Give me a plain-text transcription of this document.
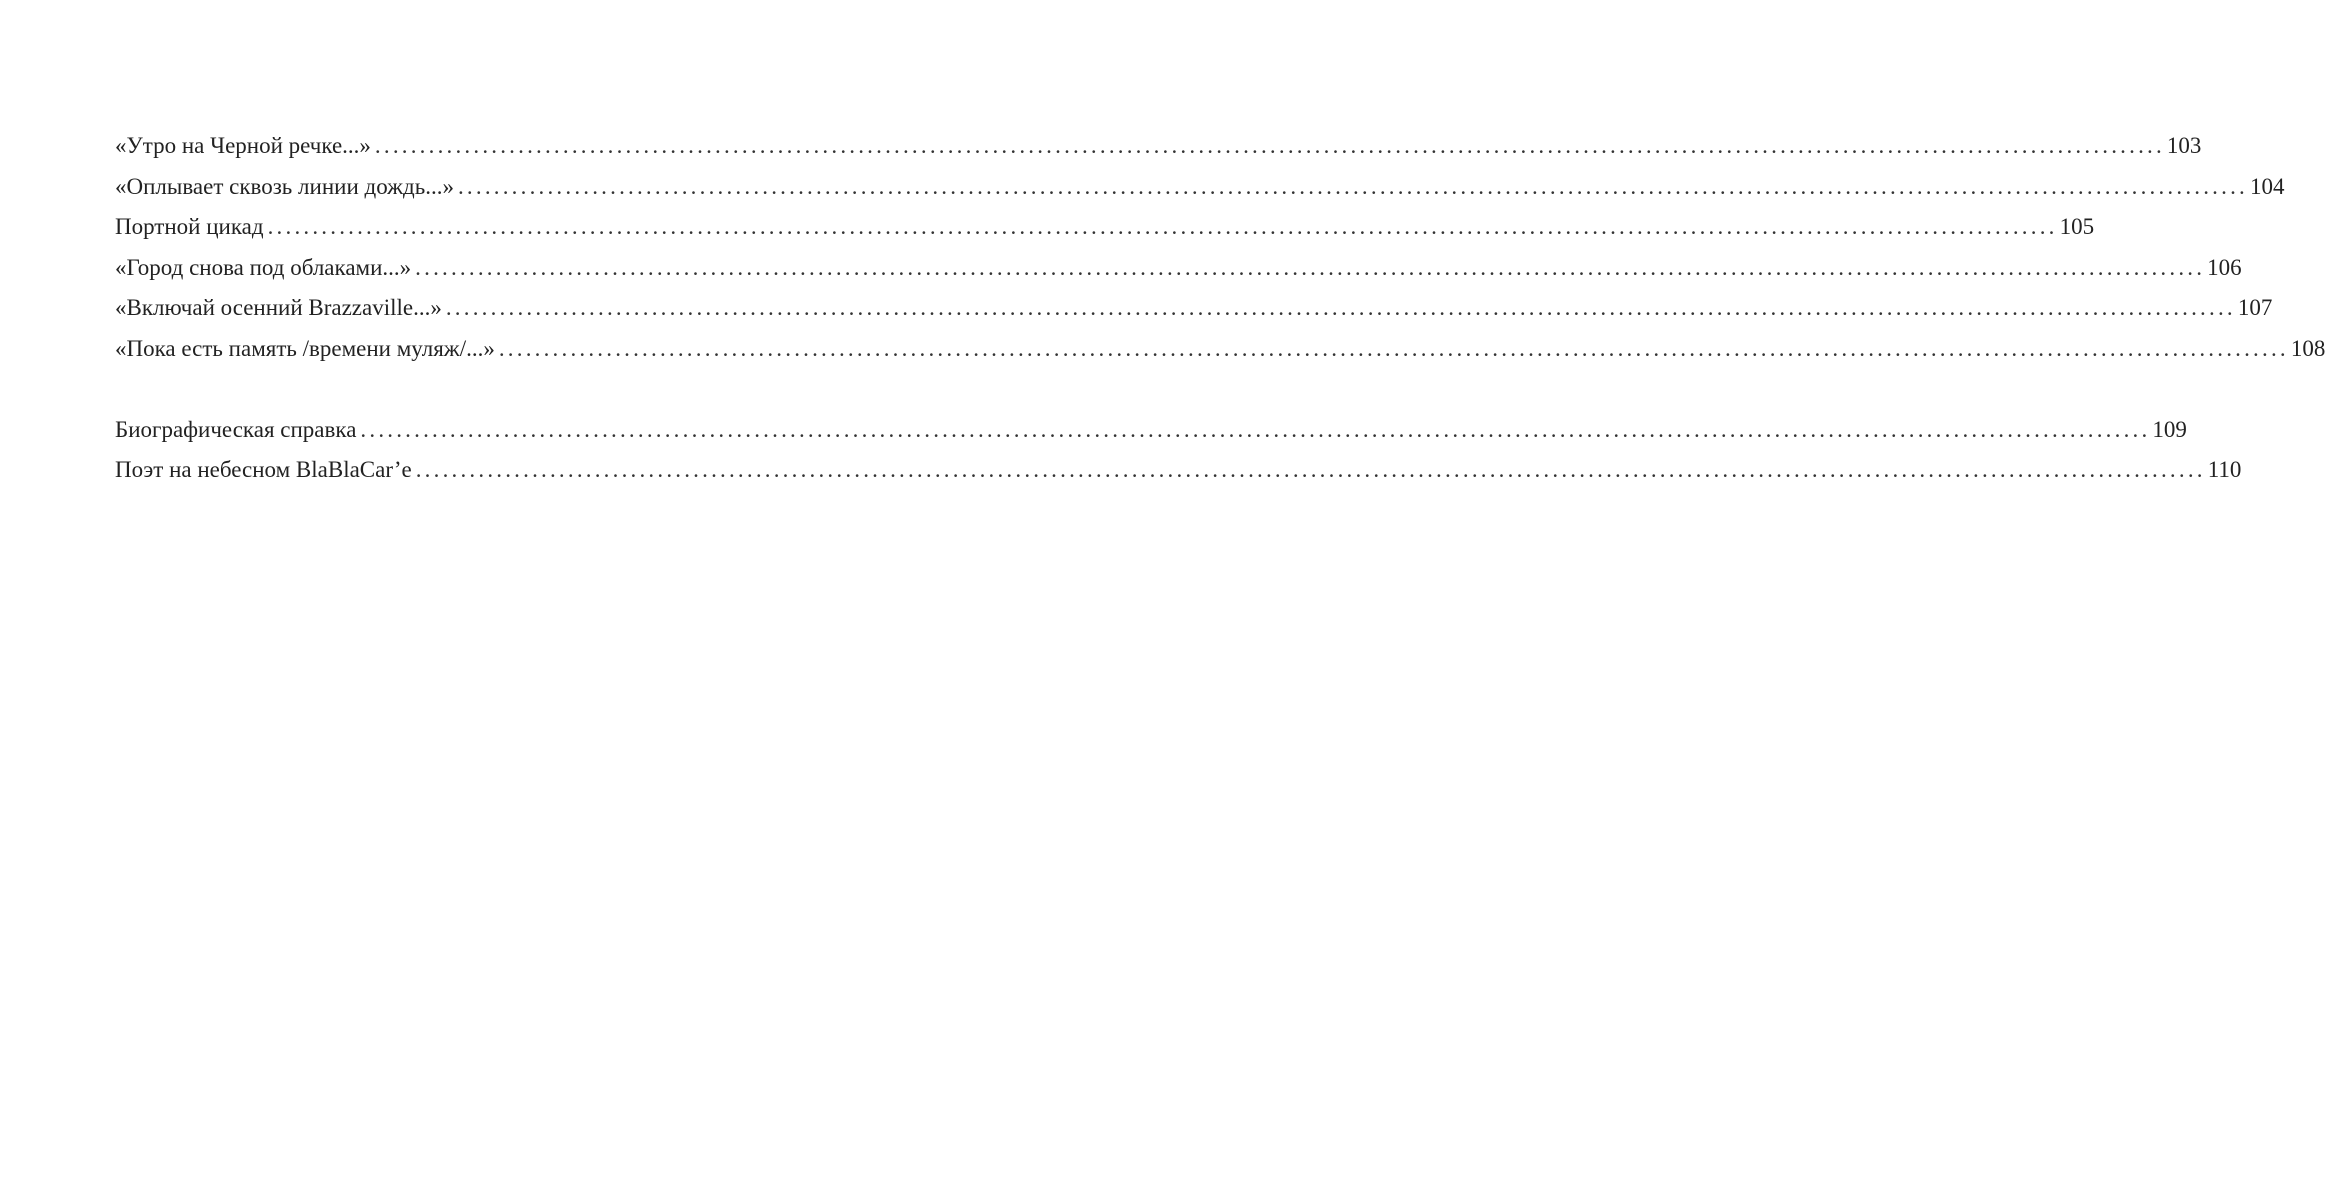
«Утро на Черной речке...» ........................................................................................................................................................................................................ 103
«Оплывает сквозь линии дождь...» ........................................................................................................................................................................................................ 104
Портной цикад ........................................................................................................................................................................................................ 105
«Город снова под облаками...» ........................................................................................................................................................................................................ 106
«Включай осенний Brazzaville...» ........................................................................................................................................................................................................ 107
«Пока есть память /времени муляж/...» ........................................................................................................................................................................................................ 108
Биографическая справка ........................................................................................................................................................................................................ 109
Поэт на небесном BlaBlaCar’е ........................................................................................................................................................................................................ 110
